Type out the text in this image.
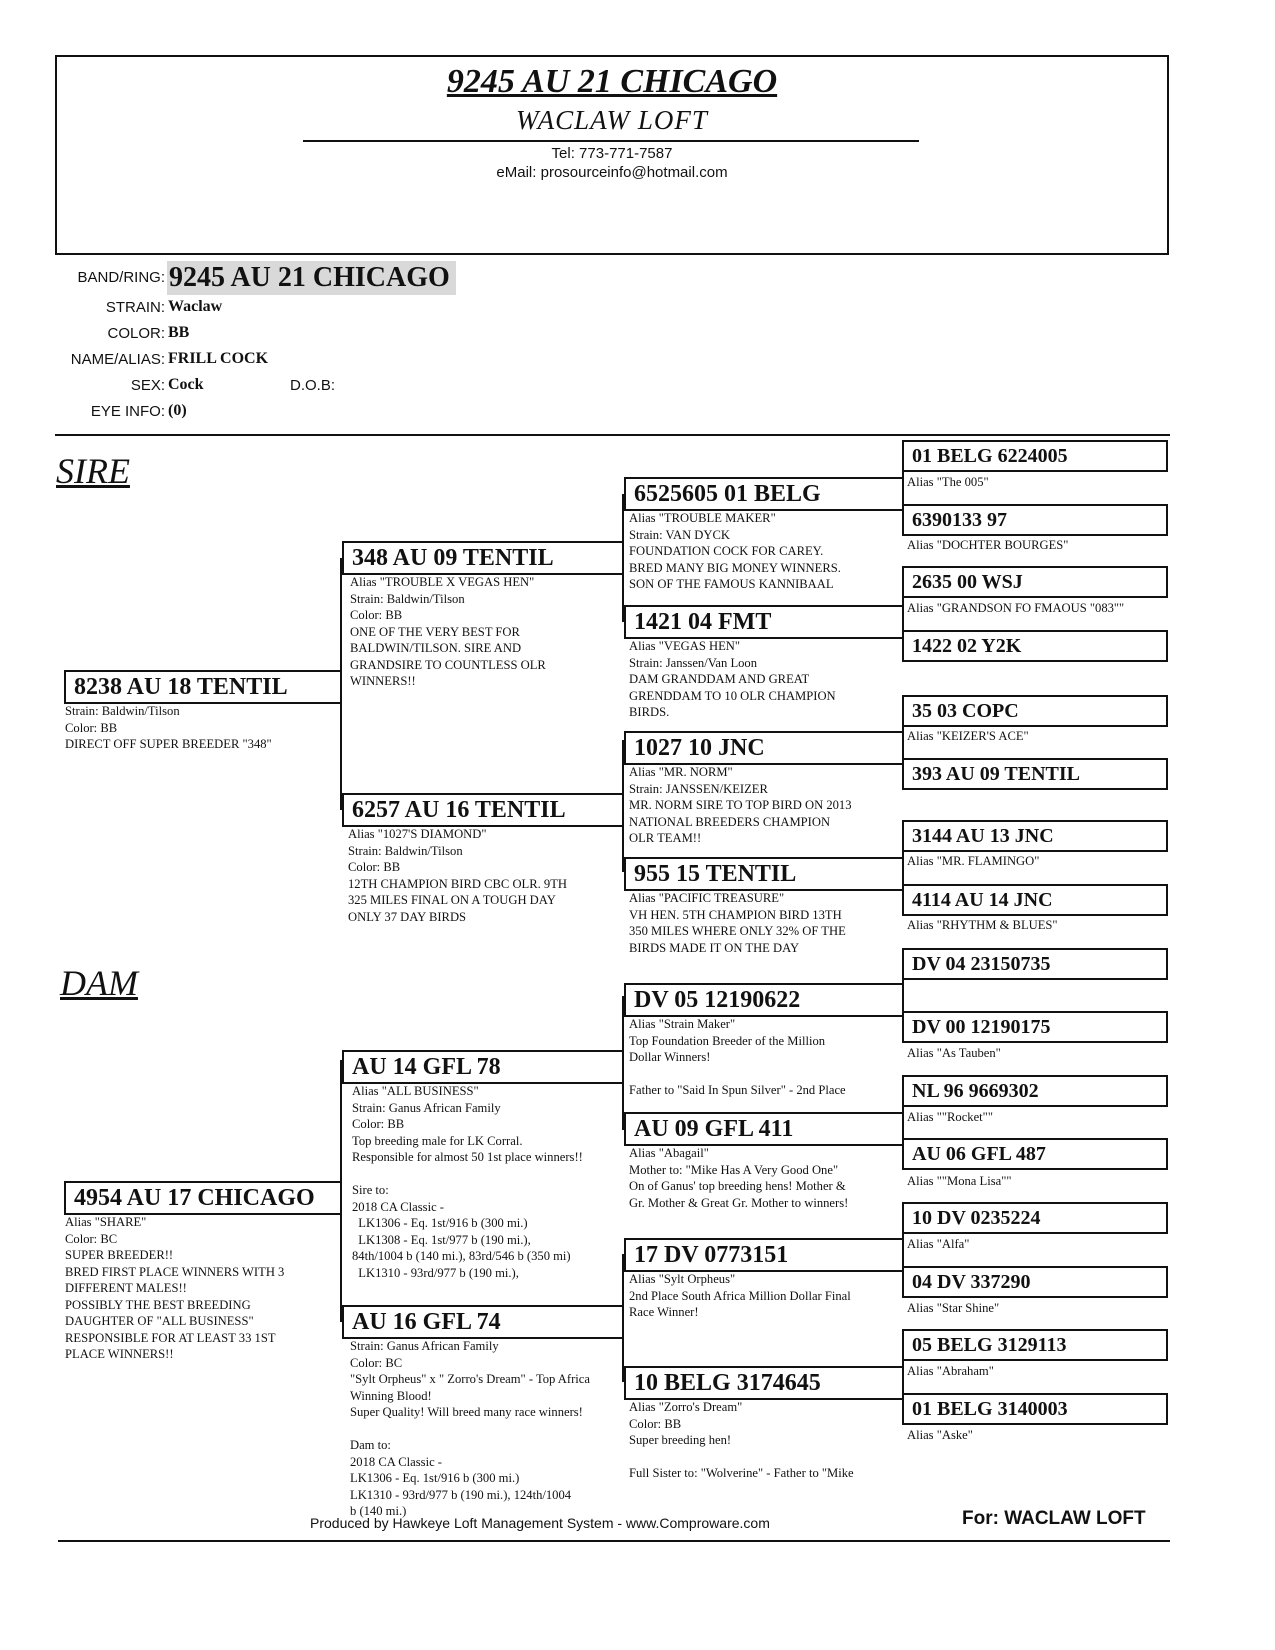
9245 AU 21 CHICAGO
WACLAW LOFT
Tel: 773-771-7587
eMail: prosourceinfo@hotmail.com
BAND/RING: 9245 AU 21 CHICAGO
STRAIN: Waclaw
COLOR: BB
NAME/ALIAS: FRILL COCK
SEX: Cock	D.O.B:
EYE INFO: (0)
SIRE
DAM
8238 AU 18 TENTIL
Strain: Baldwin/Tilson
Color: BB
DIRECT OFF SUPER BREEDER "348"
4954 AU 17 CHICAGO
Alias "SHARE"
Color: BC
SUPER BREEDER!!
BRED FIRST PLACE WINNERS WITH 3
DIFFERENT MALES!!
POSSIBLY THE BEST BREEDING
DAUGHTER OF "ALL BUSINESS"
RESPONSIBLE FOR AT LEAST 33 1ST
PLACE WINNERS!!
348 AU 09 TENTIL
Alias "TROUBLE X VEGAS HEN"
Strain: Baldwin/Tilson
Color: BB
ONE OF THE VERY BEST FOR
BALDWIN/TILSON. SIRE AND
GRANDSIRE TO COUNTLESS OLR
WINNERS!!
6257 AU 16 TENTIL
Alias "1027'S DIAMOND"
Strain: Baldwin/Tilson
Color: BB
12TH CHAMPION BIRD CBC OLR. 9TH
325 MILES FINAL ON A TOUGH DAY
ONLY 37 DAY BIRDS
AU 14 GFL 78
Alias "ALL BUSINESS"
Strain: Ganus African Family
Color: BB
Top breeding male for LK Corral.
Responsible for almost 50 1st place winners!!

Sire to:
2018 CA Classic -
LK1306 - Eq. 1st/916 b (300 mi.)
LK1308 - Eq. 1st/977 b (190 mi.),
84th/1004 b (140 mi.), 83rd/546 b (350 mi)
LK1310 - 93rd/977 b (190 mi.),
AU 16 GFL 74
Strain: Ganus African Family
Color: BC
"Sylt Orpheus" x " Zorro's Dream" - Top Africa
Winning Blood!
Super Quality! Will breed many race winners!

Dam to:
2018 CA Classic -
LK1306 - Eq. 1st/916 b (300 mi.)
LK1310 - 93rd/977 b (190 mi.), 124th/1004
b (140 mi.)
6525605 01 BELG
Alias "TROUBLE MAKER"
Strain: VAN DYCK
FOUNDATION COCK FOR CAREY.
BRED MANY BIG MONEY WINNERS.
SON OF THE FAMOUS KANNIBAAL
1421 04 FMT
Alias "VEGAS HEN"
Strain: Janssen/Van Loon
DAM GRANDDAM AND GREAT
GRENDDAM TO 10 OLR CHAMPION
BIRDS.
1027 10 JNC
Alias "MR. NORM"
Strain: JANSSEN/KEIZER
MR. NORM SIRE TO TOP BIRD ON 2013
NATIONAL BREEDERS CHAMPION
OLR TEAM!!
955 15 TENTIL
Alias "PACIFIC TREASURE"
VH HEN. 5TH CHAMPION BIRD 13TH
350 MILES WHERE ONLY 32% OF THE
BIRDS MADE IT ON THE DAY
DV 05 12190622
Alias "Strain Maker"
Top Foundation Breeder of the Million
Dollar Winners!

Father to "Said In Spun Silver" - 2nd Place
AU 09 GFL 411
Alias "Abagail"
Mother to: "Mike Has A Very Good One"
On of Ganus' top breeding hens! Mother &
Gr. Mother & Great Gr. Mother to winners!
17 DV 0773151
Alias "Sylt Orpheus"
2nd Place South Africa Million Dollar Final
Race Winner!
10 BELG 3174645
Alias "Zorro's Dream"
Color: BB
Super breeding hen!

Full Sister to: "Wolverine" - Father to "Mike
01 BELG 6224005
Alias "The 005"
6390133 97
Alias "DOCHTER BOURGES"
2635 00 WSJ
Alias "GRANDSON FO FMAOUS "083""
1422 02 Y2K
35 03 COPC
Alias "KEIZER'S ACE"
393 AU 09 TENTIL
3144 AU 13 JNC
Alias "MR. FLAMINGO"
4114 AU 14 JNC
Alias "RHYTHM & BLUES"
DV 04 23150735
DV 00 12190175
Alias "As Tauben"
NL 96 9669302
Alias ""Rocket""
AU 06 GFL 487
Alias ""Mona Lisa""
10 DV 0235224
Alias "Alfa"
04 DV 337290
Alias "Star Shine"
05 BELG 3129113
Alias "Abraham"
01 BELG 3140003
Alias "Aske"
Produced by Hawkeye Loft Management System - www.Comproware.com	For: WACLAW LOFT
